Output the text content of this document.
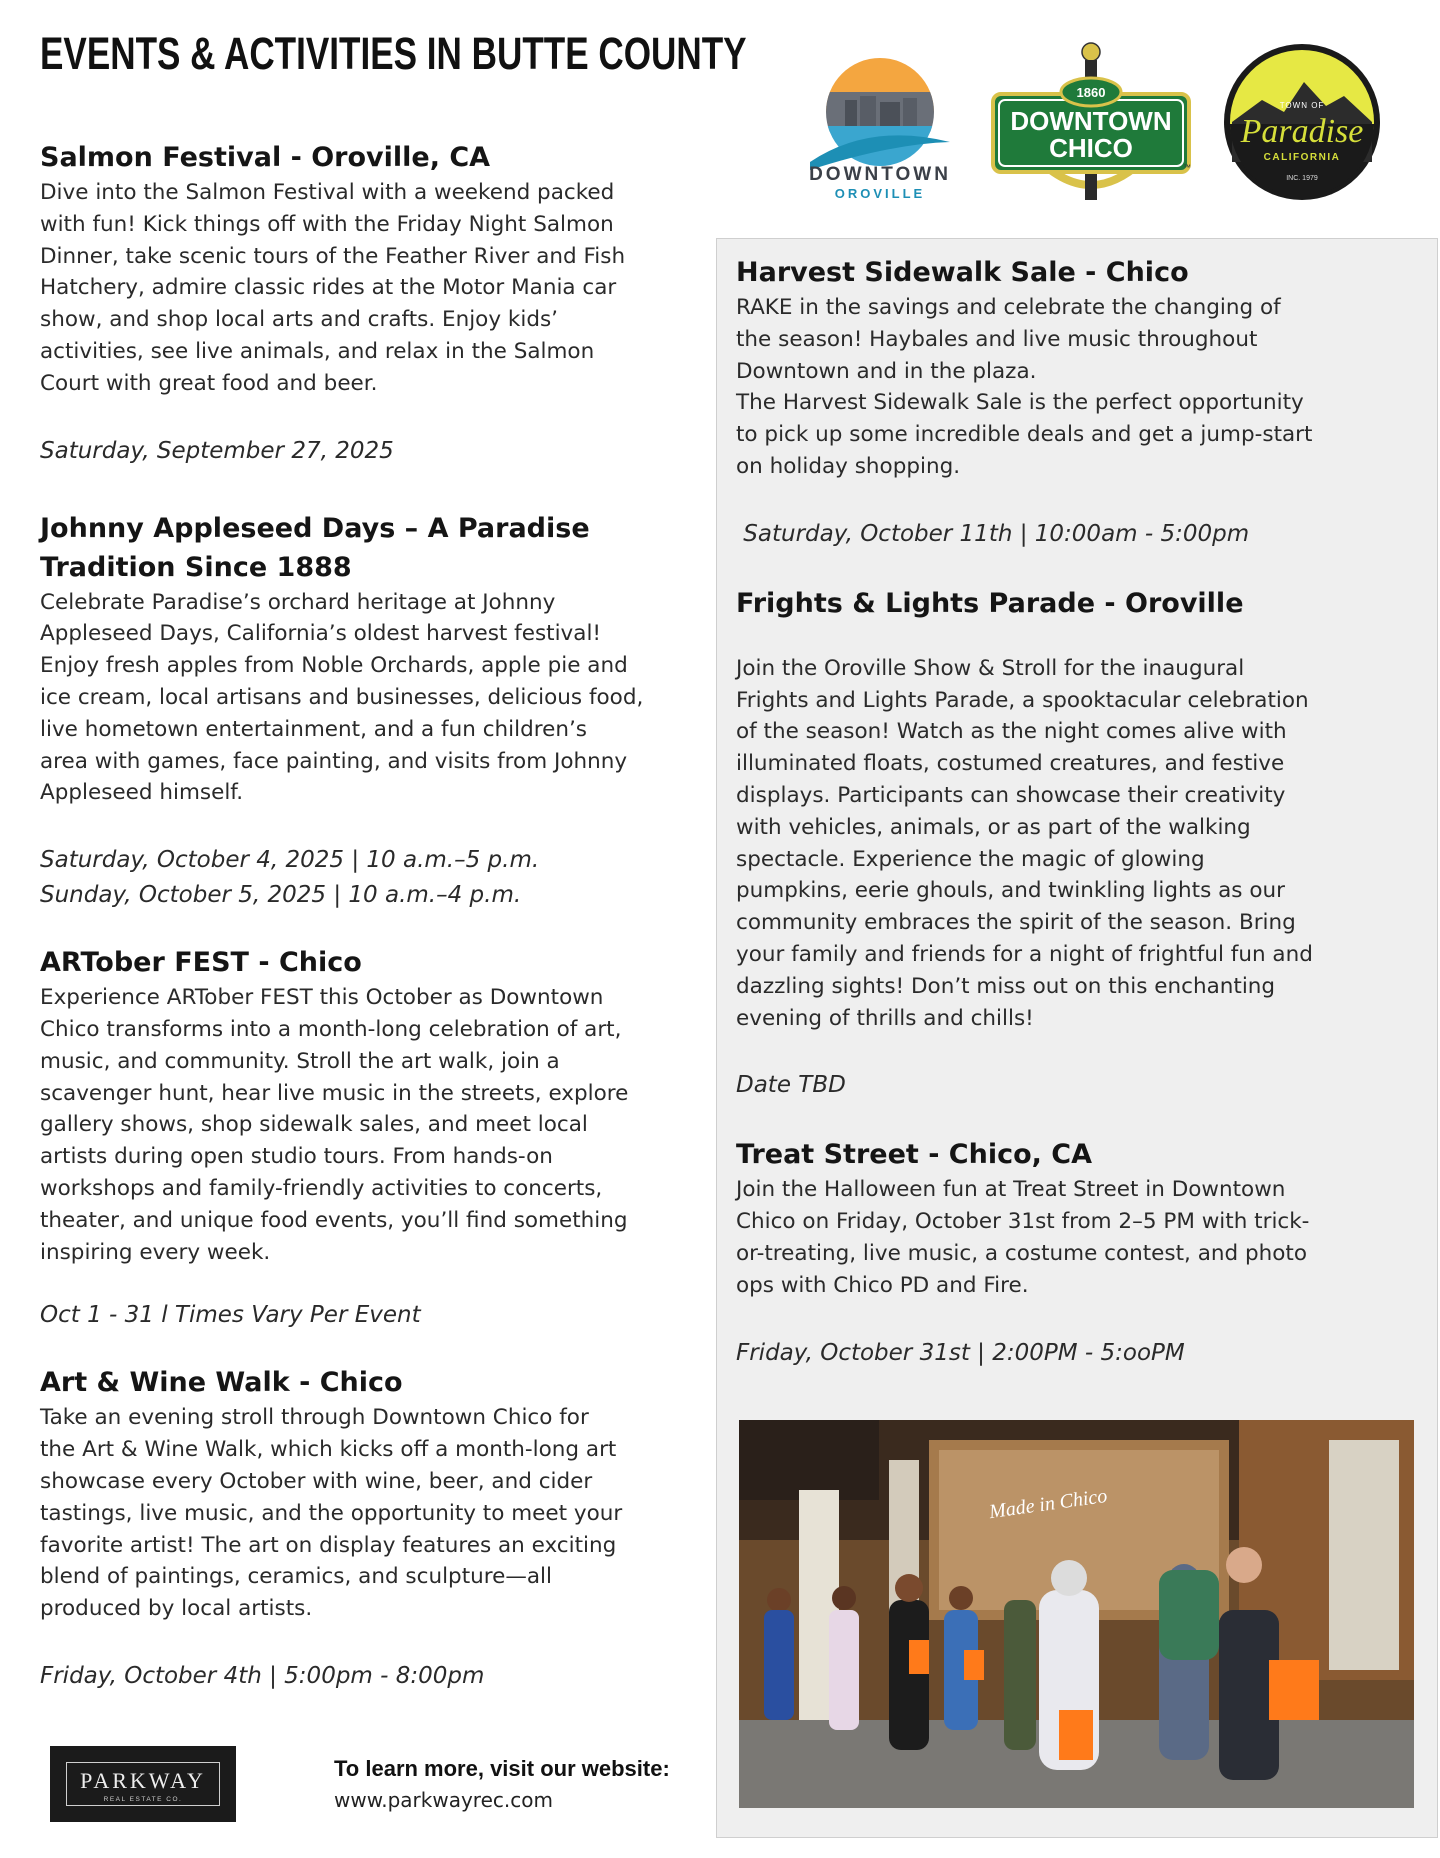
EVENTS & ACTIVITIES IN BUTTE COUNTY
DOWNTOWN
OROVILLE
1860
DOWNTOWN
CHICO
™
TOWN OF
Paradise
CALIFORNIA
INC. 1979
Salmon Festival - Oroville, CA

Dive into the Salmon Festival with a weekend packed
with fun! Kick things off with the Friday Night Salmon
Dinner, take scenic tours of the Feather River and Fish
Hatchery, admire classic rides at the Motor Mania car
show, and shop local arts and crafts. Enjoy kids’
activities, see live animals, and relax in the Salmon
Court with great food and beer.

Saturday, September 27, 2025
Johnny Appleseed Days – A Paradise
Tradition Since 1888

Celebrate Paradise’s orchard heritage at Johnny
Appleseed Days, California’s oldest harvest festival!
Enjoy fresh apples from Noble Orchards, apple pie and
ice cream, local artisans and businesses, delicious food,
live hometown entertainment, and a fun children’s
area with games, face painting, and visits from Johnny
Appleseed himself.

Saturday, October 4, 2025 | 10 a.m.–5 p.m.
Sunday, October 5, 2025 | 10 a.m.–4 p.m.
ARTober FEST - Chico

Experience ARTober FEST this October as Downtown
Chico transforms into a month-long celebration of art,
music, and community. Stroll the art walk, join a
scavenger hunt, hear live music in the streets, explore
gallery shows, shop sidewalk sales, and meet local
artists during open studio tours. From hands-on
workshops and family-friendly activities to concerts,
theater, and unique food events, you’ll find something
inspiring every week.

Oct 1 - 31 l Times Vary Per Event
Art & Wine Walk - Chico

Take an evening stroll through Downtown Chico for
the Art & Wine Walk, which kicks off a month-long art
showcase every October with wine, beer, and cider
tastings, live music, and the opportunity to meet your
favorite artist! The art on display features an exciting
blend of paintings, ceramics, and sculpture—all
produced by local artists.

Friday, October 4th | 5:00pm - 8:00pm
Harvest Sidewalk Sale - Chico

RAKE in the savings and celebrate the changing of
the season! Haybales and live music throughout
Downtown and in the plaza.
The Harvest Sidewalk Sale is the perfect opportunity
to pick up some incredible deals and get a jump-start
on holiday shopping.

Saturday, October 11th | 10:00am - 5:00pm
Frights & Lights Parade - Oroville

Join the Oroville Show & Stroll for the inaugural
Frights and Lights Parade, a spooktacular celebration
of the season! Watch as the night comes alive with
illuminated floats, costumed creatures, and festive
displays. Participants can showcase their creativity
with vehicles, animals, or as part of the walking
spectacle. Experience the magic of glowing
pumpkins, eerie ghouls, and twinkling lights as our
community embraces the spirit of the season. Bring
your family and friends for a night of frightful fun and
dazzling sights! Don’t miss out on this enchanting
evening of thrills and chills!

Date TBD
Treat Street - Chico, CA

Join the Halloween fun at Treat Street in Downtown
Chico on Friday, October 31st from 2–5 PM with trick-
or-treating, live music, a costume contest, and photo
ops with Chico PD and Fire.

Friday, October 31st | 2:00PM - 5:ooPM
Made in Chico
PARKWAY
REAL ESTATE CO.
To learn more, visit our website:
www.parkwayrec.com
